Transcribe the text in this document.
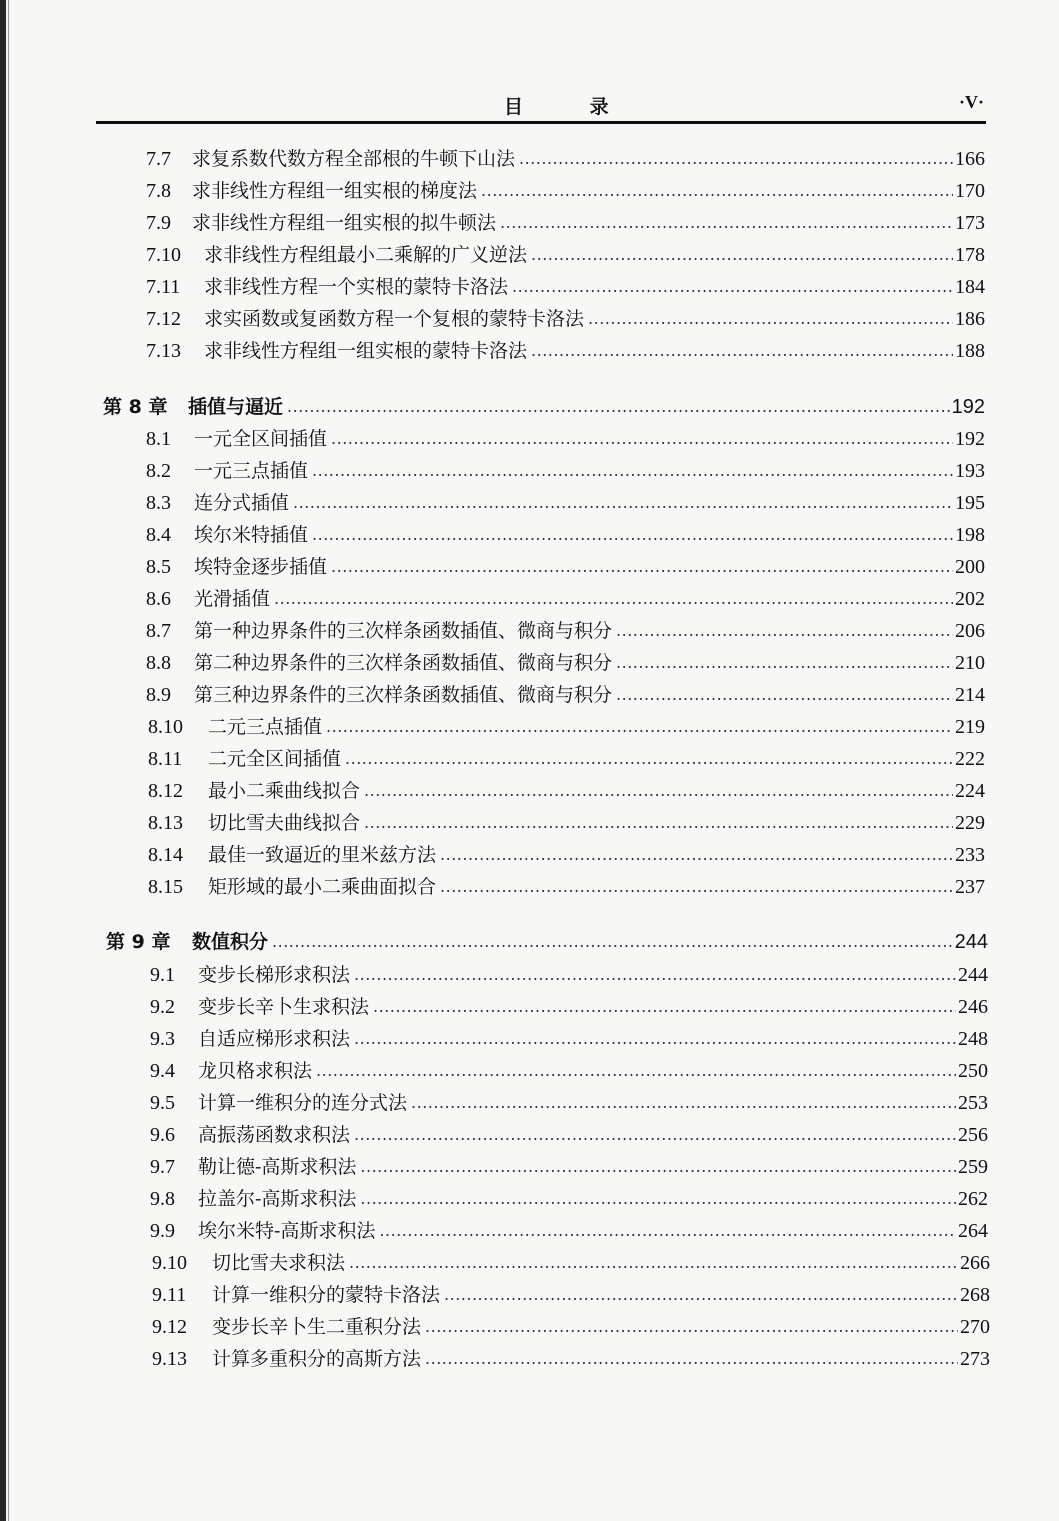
目 录	·V·
7.7	求复系数代数方程全部根的牛顿下山法 .....	166
7.8	求非线性方程组一组实根的梯度法 .....	170
7.9	求非线性方程组一组实根的拟牛顿法 .....	173
7.10	求非线性方程组最小二乘解的广义逆法 .....	178
7.11	求非线性方程一个实根的蒙特卡洛法 .....	184
7.12	求实函数或复函数方程一个复根的蒙特卡洛法 .....	186
7.13	求非线性方程组一组实根的蒙特卡洛法 .....	188
第 8 章	插值与逼近 .....	192
8.1	一元全区间插值 .....	192
8.2	一元三点插值 .....	193
8.3	连分式插值 .....	195
8.4	埃尔米特插值 .....	198
8.5	埃特金逐步插值 .....	200
8.6	光滑插值 .....	202
8.7	第一种边界条件的三次样条函数插值、微商与积分 .....	206
8.8	第二种边界条件的三次样条函数插值、微商与积分 .....	210
8.9	第三种边界条件的三次样条函数插值、微商与积分 .....	214
8.10	二元三点插值 .....	219
8.11	二元全区间插值 .....	222
8.12	最小二乘曲线拟合 .....	224
8.13	切比雪夫曲线拟合 .....	229
8.14	最佳一致逼近的里米兹方法 .....	233
8.15	矩形域的最小二乘曲面拟合 .....	237
第 9 章	数值积分 .....	244
9.1	变步长梯形求积法 .....	244
9.2	变步长辛卜生求积法 .....	246
9.3	自适应梯形求积法 .....	248
9.4	龙贝格求积法 .....	250
9.5	计算一维积分的连分式法 .....	253
9.6	高振荡函数求积法 .....	256
9.7	勒让德-高斯求积法 .....	259
9.8	拉盖尔-高斯求积法 .....	262
9.9	埃尔米特-高斯求积法 .....	264
9.10	切比雪夫求积法 .....	266
9.11	计算一维积分的蒙特卡洛法 .....	268
9.12	变步长辛卜生二重积分法 .....	270
9.13	计算多重积分的高斯方法 .....	273
